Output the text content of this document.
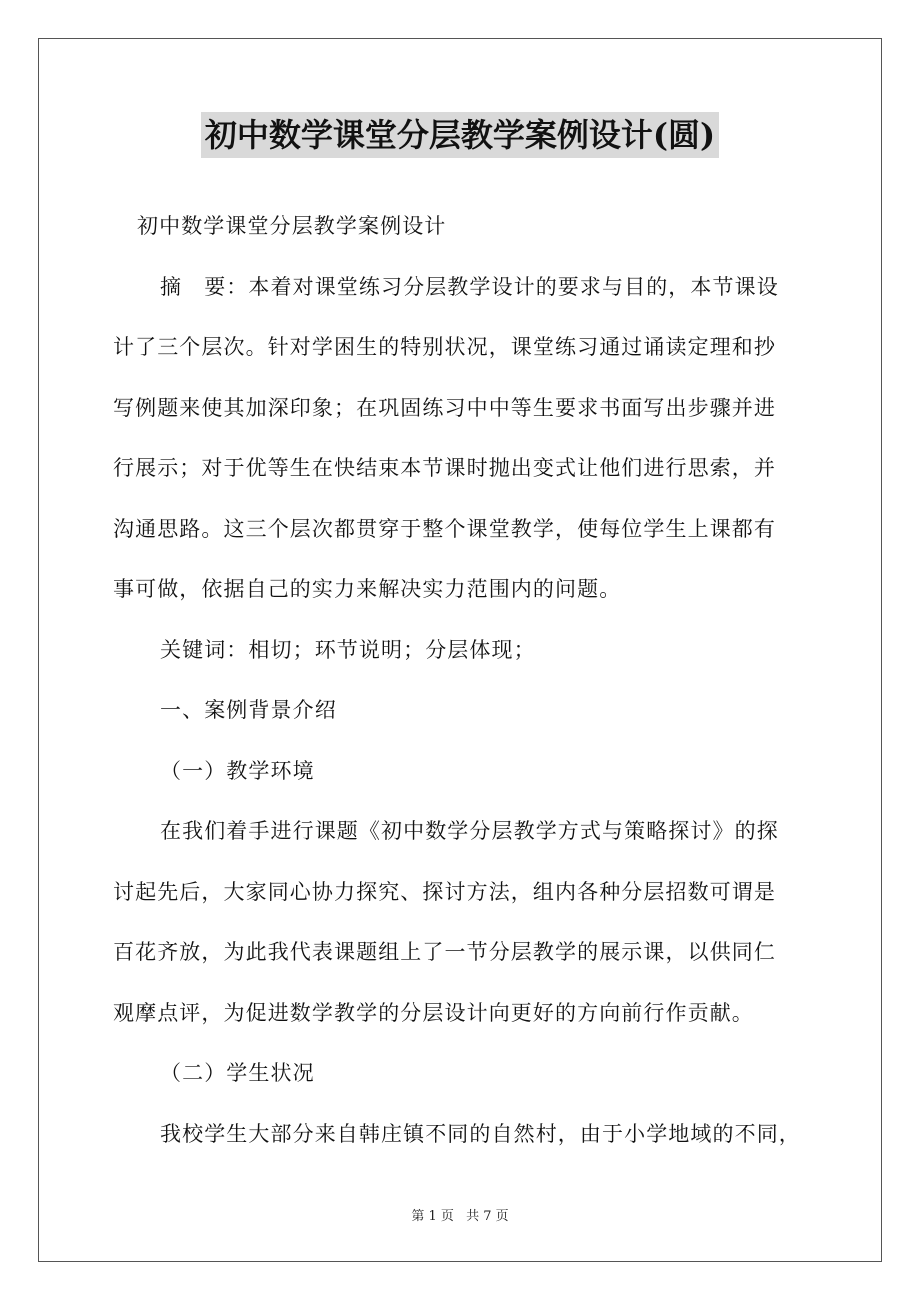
初中数学课堂分层教学案例设计(圆)

初中数学课堂分层教学案例设计

摘　要：本着对课堂练习分层教学设计的要求与目的，本节课设

计了三个层次。针对学困生的特别状况，课堂练习通过诵读定理和抄

写例题来使其加深印象；在巩固练习中中等生要求书面写出步骤并进

行展示；对于优等生在快结束本节课时抛出变式让他们进行思索，并

沟通思路。这三个层次都贯穿于整个课堂教学，使每位学生上课都有

事可做，依据自己的实力来解决实力范围内的问题。

关键词：相切；环节说明；分层体现；

一、案例背景介绍

（一）教学环境

在我们着手进行课题《初中数学分层教学方式与策略探讨》的探

讨起先后，大家同心协力探究、探讨方法，组内各种分层招数可谓是

百花齐放，为此我代表课题组上了一节分层教学的展示课，以供同仁

观摩点评，为促进数学教学的分层设计向更好的方向前行作贡献。

（二）学生状况

我校学生大部分来自韩庄镇不同的自然村，由于小学地域的不同，

第 1 页 共 7 页
